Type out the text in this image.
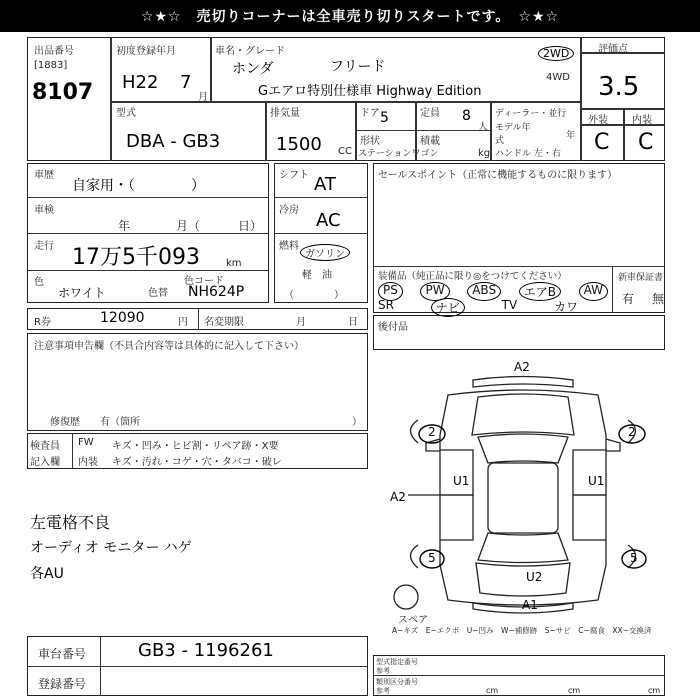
☆★☆　売切りコーナーは全車売り切りスタートです。　☆★☆
出品番号
[1883]
8107
初度登録年月
H22 7
月
車名・グレード
ホンダ	フリード
Gエアロ特別仕様車 Highway Edition
2WD
4WD
評価点
3.5
型式
DBA - GB3
排気量
1500 CC
ドア 5
形状
ステーションワゴン
定員 8
人
積載
kg
ディーラー・並行
モデル年式	年
ハンドル 左・右
外装 内装
C C
車歴
自家用・（　　　　）
車検
年	月（	日）
走行 17万5千093	km
色
ホワイト	色替
色コード
NH624P
シフト AT
冷房 AC
燃料
ガソリン
軽　油
（　　　　）
セールスポイント（正常に機能するものに限ります）
装備品（純正品に限り◎をつけてください）	新車保証書
有 無
PS	PW	ABS	エアB	AW
SR	ナビ	TV	カワ
R券	12090	円 名変期限	月	日 後付品
注意事項申告欄（不具合内容等は具体的に記入して下さい）
修復歴　　有（箇所	）
検査員
記入欄
FW キズ・凹み・ヒビ割・リペア跡・X要
内装 キズ・汚れ・コゲ・穴・タバコ・破レ
左電格不良
オーディオ モニター ハゲ
各AU
A2
2	2
U1	U1
A2
5	5
U2
A1
スペア
A−キズ　E−エクボ　U−凹み　W−補修跡　S−サビ　C−腐食　XX−交換済
車台番号	GB3 - 1196261
登録番号
型式指定番号
参考
類別区分番号
参考	cm	cm	cm
